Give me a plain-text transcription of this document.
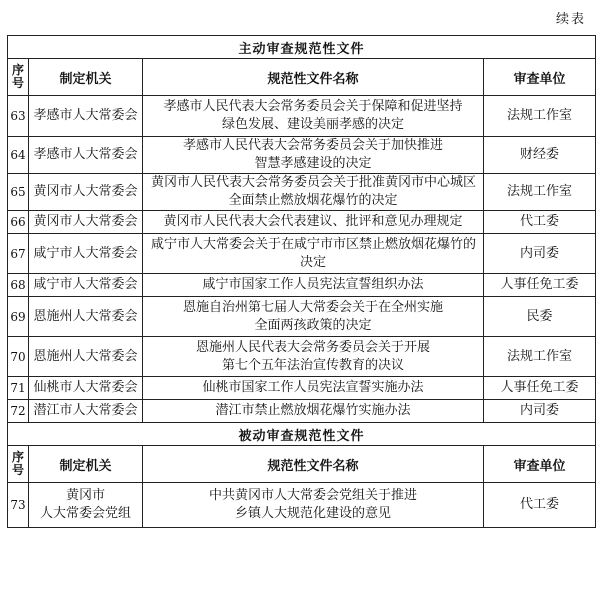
续表
主动审查规范性文件			

序
号	制定机关	规范性文件名称	审查单位
63	孝感市人大常委会	孝感市人民代表大会常务委员会关于保障和促进坚持
绿色发展、建设美丽孝感的决定	法规工作室
64	孝感市人大常委会	孝感市人民代表大会常务委员会关于加快推进
智慧孝感建设的决定	财经委
65	黄冈市人大常委会	黄冈市人民代表大会常务委员会关于批准黄冈市中心城区
全面禁止燃放烟花爆竹的决定	法规工作室
66	黄冈市人大常委会	黄冈市人民代表大会代表建议、批评和意见办理规定	代工委
67	咸宁市人大常委会	咸宁市人大常委会关于在咸宁市市区禁止燃放烟花爆竹的
决定	内司委
68	咸宁市人大常委会	咸宁市国家工作人员宪法宣誓组织办法	人事任免工委
69	恩施州人大常委会	恩施自治州第七届人大常委会关于在全州实施
全面两孩政策的决定	民委
70	恩施州人大常委会	恩施州人民代表大会常务委员会关于开展
第七个五年法治宣传教育的决议	法规工作室
71	仙桃市人大常委会	仙桃市国家工作人员宪法宣誓实施办法	人事任免工委
72	潜江市人大常委会	潜江市禁止燃放烟花爆竹实施办法	内司委
被动审查规范性文件			

序
号	制定机关	规范性文件名称	审查单位
73	黄冈市
人大常委会党组	中共黄冈市人大常委会党组关于推进
乡镇人大规范化建设的意见	代工委
